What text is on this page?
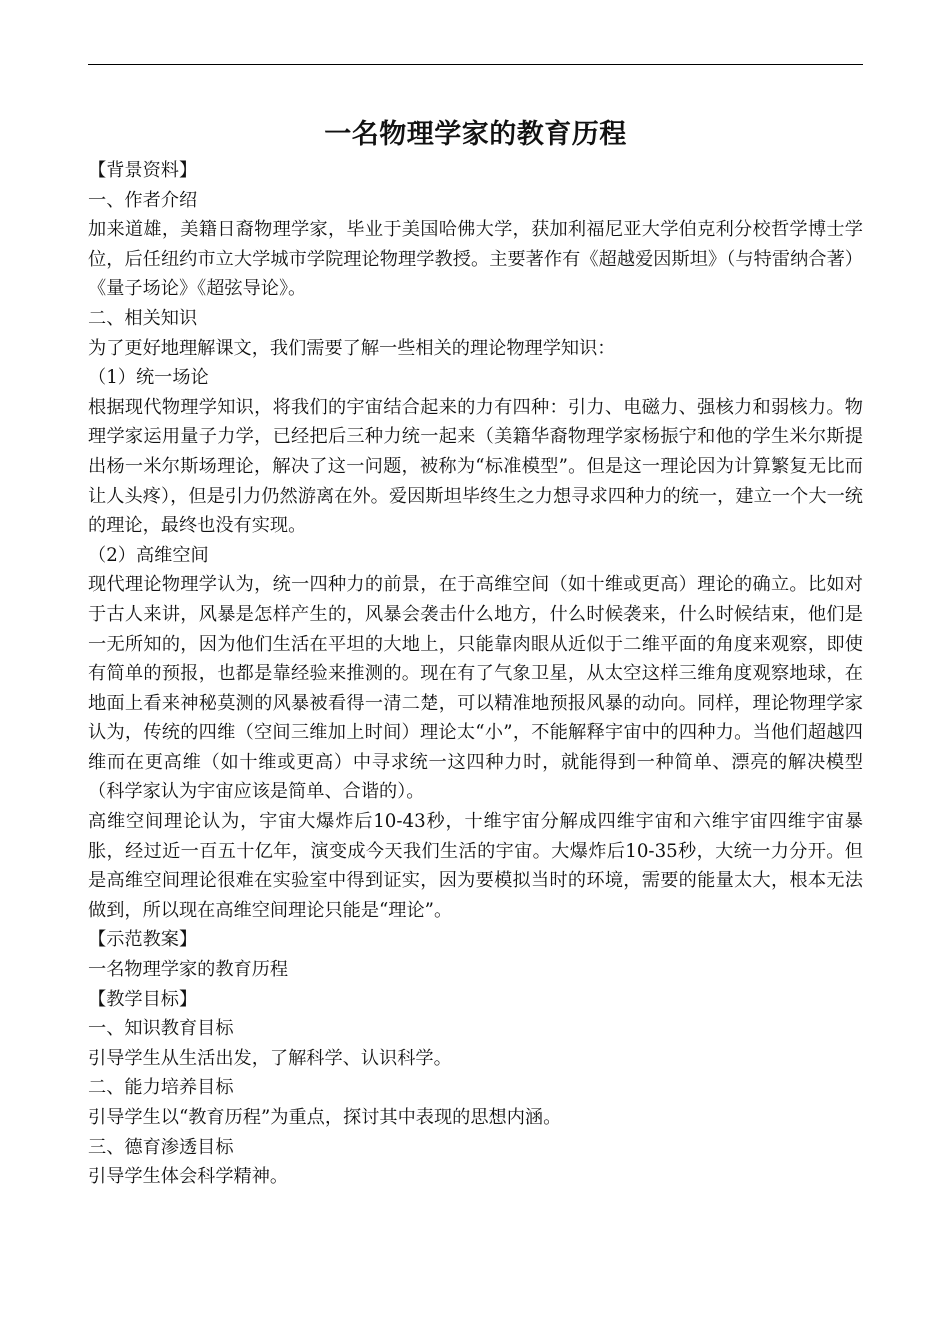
一名物理学家的教育历程

【背景资料】

一、作者介绍

加来道雄，美籍日裔物理学家，毕业于美国哈佛大学，获加利福尼亚大学伯克利分校哲学博士学位，后任纽约市立大学城市学院理论物理学教授。主要著作有《超越爱因斯坦》（与特雷纳合著）《量子场论》《超弦导论》。

二、相关知识

为了更好地理解课文，我们需要了解一些相关的理论物理学知识：

（1）统一场论

根据现代物理学知识，将我们的宇宙结合起来的力有四种：引力、电磁力、强核力和弱核力。物理学家运用量子力学，已经把后三种力统一起来（美籍华裔物理学家杨振宁和他的学生米尔斯提出杨一米尔斯场理论，解决了这一问题，被称为“标准模型”。但是这一理论因为计算繁复无比而让人头疼），但是引力仍然游离在外。爱因斯坦毕终生之力想寻求四种力的统一，建立一个大一统的理论，最终也没有实现。

（2）高维空间

现代理论物理学认为，统一四种力的前景，在于高维空间（如十维或更高）理论的确立。比如对于古人来讲，风暴是怎样产生的，风暴会袭击什么地方，什么时候袭来，什么时候结束，他们是一无所知的，因为他们生活在平坦的大地上，只能靠肉眼从近似于二维平面的角度来观察，即使有简单的预报，也都是靠经验来推测的。现在有了气象卫星，从太空这样三维角度观察地球，在地面上看来神秘莫测的风暴被看得一清二楚，可以精准地预报风暴的动向。同样，理论物理学家认为，传统的四维（空间三维加上时间）理论太“小”，不能解释宇宙中的四种力。当他们超越四维而在更高维（如十维或更高）中寻求统一这四种力时，就能得到一种简单、漂亮的解决模型（科学家认为宇宙应该是简单、合谐的）。

高维空间理论认为，宇宙大爆炸后10-43秒，十维宇宙分解成四维宇宙和六维宇宙四维宇宙暴胀，经过近一百五十亿年，演变成今天我们生活的宇宙。大爆炸后10-35秒，大统一力分开。但是高维空间理论很难在实验室中得到证实，因为要模拟当时的环境，需要的能量太大，根本无法做到，所以现在高维空间理论只能是“理论”。

【示范教案】

一名物理学家的教育历程

【教学目标】

一、知识教育目标

引导学生从生活出发，了解科学、认识科学。

二、能力培养目标

引导学生以“教育历程”为重点，探讨其中表现的思想内涵。

三、德育渗透目标

引导学生体会科学精神。
